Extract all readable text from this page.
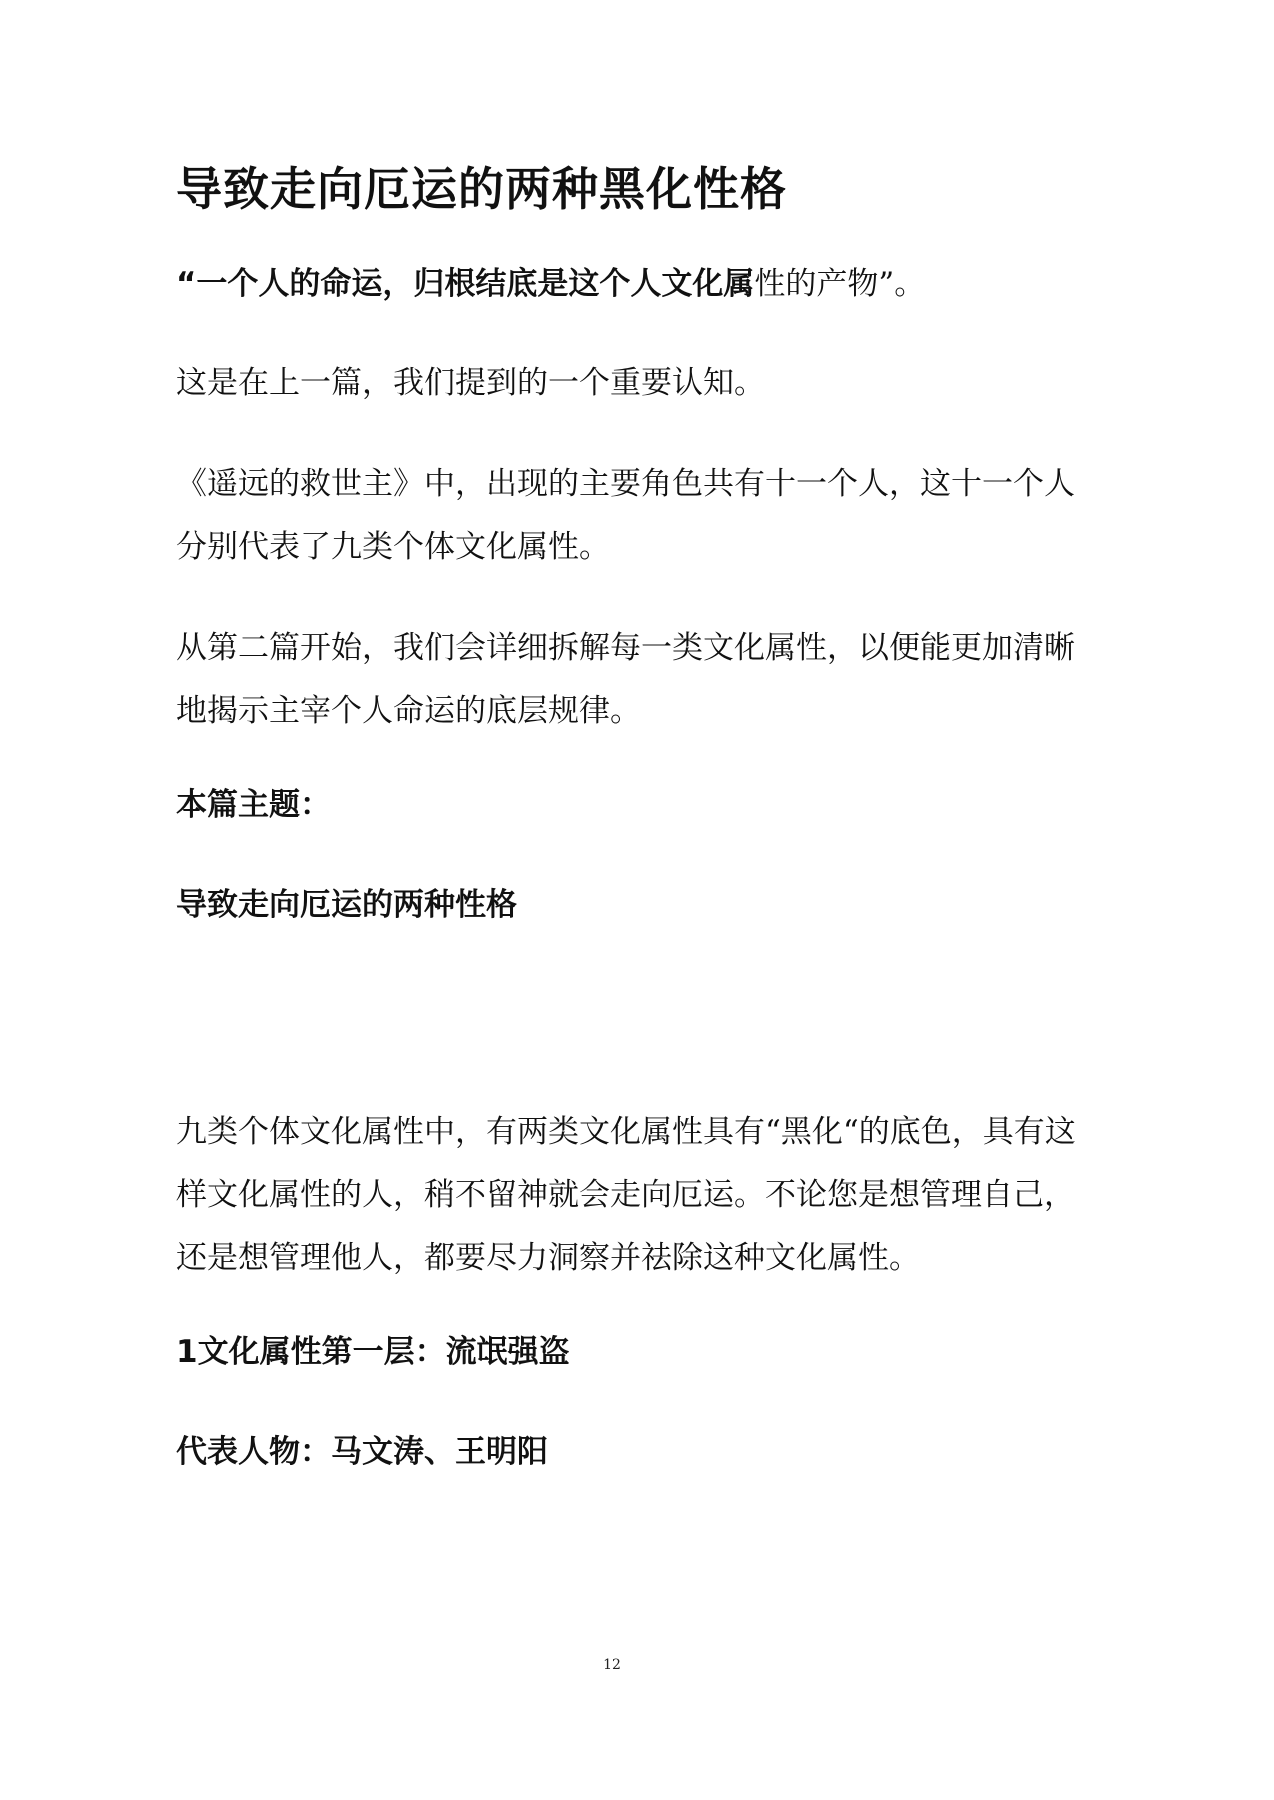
导致走向厄运的两种黑化性格

“一个人的命运，归根结底是这个人文化属性的产物”。

这是在上一篇，我们提到的一个重要认知。

《遥远的救世主》中，出现的主要角色共有十一个人，这十一个人分别代表了九类个体文化属性。

从第二篇开始，我们会详细拆解每一类文化属性，以便能更加清晰地揭示主宰个人命运的底层规律。

本篇主题：

导致走向厄运的两种性格

九类个体文化属性中，有两类文化属性具有“黑化“的底色，具有这样文化属性的人，稍不留神就会走向厄运。不论您是想管理自己，还是想管理他人，都要尽力洞察并祛除这种文化属性。

1文化属性第一层：流氓强盗

代表人物：马文涛、王明阳

12
